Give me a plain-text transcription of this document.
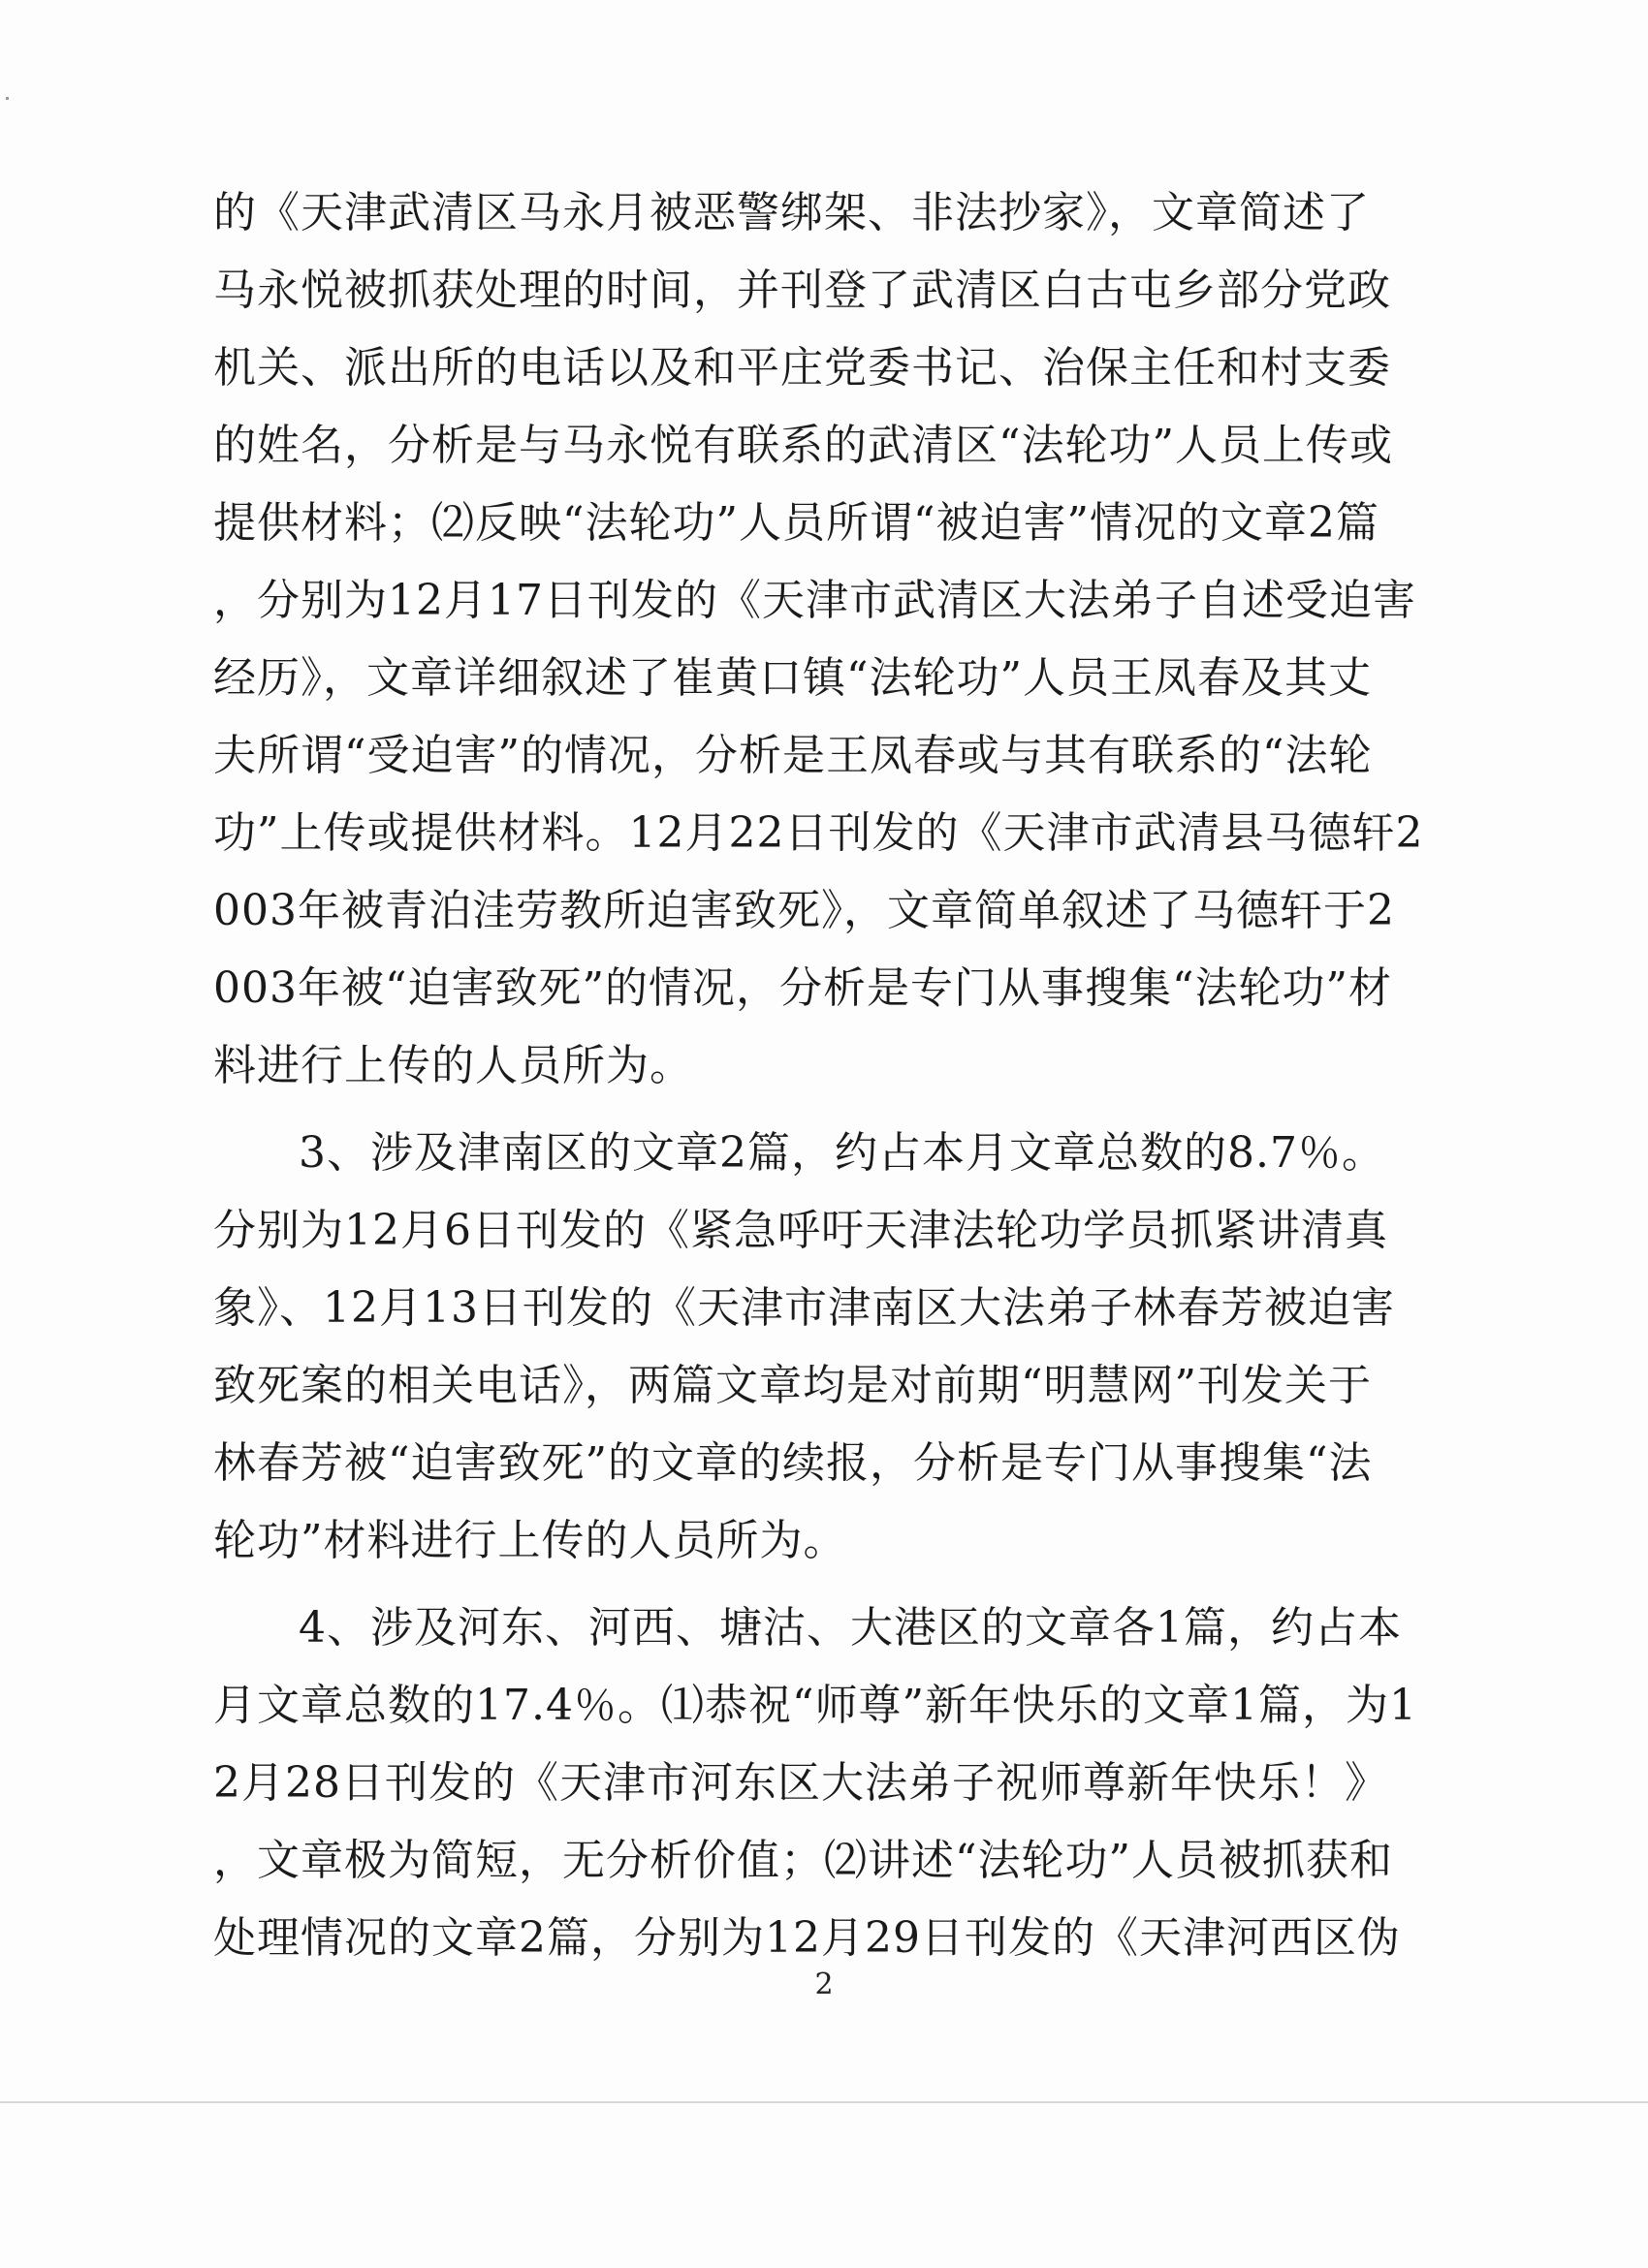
的《天津武清区马永月被恶警绑架、非法抄家》，文章简述了
马永悦被抓获处理的时间，并刊登了武清区白古屯乡部分党政
机关、派出所的电话以及和平庄党委书记、治保主任和村支委
的姓名，分析是与马永悦有联系的武清区“法轮功”人员上传或
提供材料；⑵反映“法轮功”人员所谓“被迫害”情况的文章2篇
，分别为12月17日刊发的《天津市武清区大法弟子自述受迫害
经历》，文章详细叙述了崔黄口镇“法轮功”人员王凤春及其丈
夫所谓“受迫害”的情况，分析是王凤春或与其有联系的“法轮
功”上传或提供材料。12月22日刊发的《天津市武清县马德轩2
003年被青泊洼劳教所迫害致死》，文章简单叙述了马德轩于2
003年被“迫害致死”的情况，分析是专门从事搜集“法轮功”材
料进行上传的人员所为。
3、涉及津南区的文章2篇，约占本月文章总数的8.7％。
分别为12月6日刊发的《紧急呼吁天津法轮功学员抓紧讲清真
象》、12月13日刊发的《天津市津南区大法弟子林春芳被迫害
致死案的相关电话》，两篇文章均是对前期“明慧网”刊发关于
林春芳被“迫害致死”的文章的续报，分析是专门从事搜集“法
轮功”材料进行上传的人员所为。
4、涉及河东、河西、塘沽、大港区的文章各1篇，约占本
月文章总数的17.4％。⑴恭祝“师尊”新年快乐的文章1篇，为1
2月28日刊发的《天津市河东区大法弟子祝师尊新年快乐！》
，文章极为简短，无分析价值；⑵讲述“法轮功”人员被抓获和
处理情况的文章2篇，分别为12月29日刊发的《天津河西区伪
2
